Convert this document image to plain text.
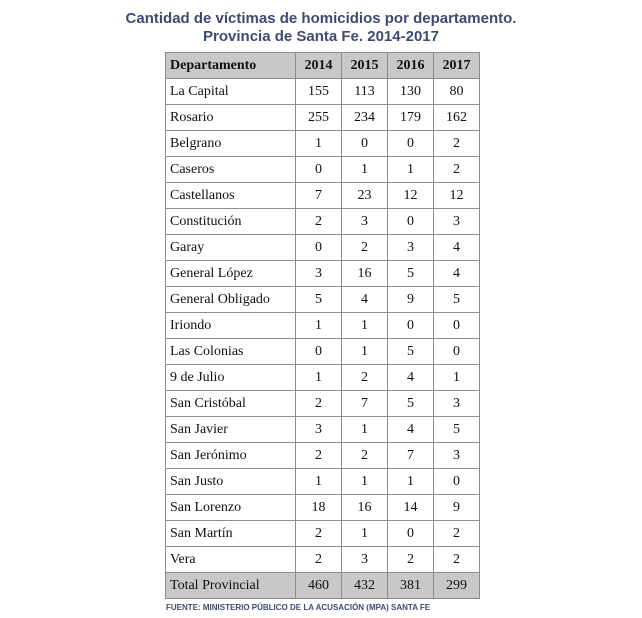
Cantidad de víctimas de homicidios por departamento.
Provincia de Santa Fe. 2014-2017
Departamento	2014	2015	2016	2017
La Capital	155	113	130	80
Rosario	255	234	179	162
Belgrano	1	0	0	2
Caseros	0	1	1	2
Castellanos	7	23	12	12
Constitución	2	3	0	3
Garay	0	2	3	4
General López	3	16	5	4
General Obligado	5	4	9	5
Iriondo	1	1	0	0
Las Colonias	0	1	5	0
9 de Julio	1	2	4	1
San Cristóbal	2	7	5	3
San Javier	3	1	4	5
San Jerónimo	2	2	7	3
San Justo	1	1	1	0
San Lorenzo	18	16	14	9
San Martín	2	1	0	2
Vera	2	3	2	2
Total Provincial	460	432	381	299
FUENTE: MINISTERIO PÚBLICO DE LA ACUSACIÓN (MPA) SANTA FE
